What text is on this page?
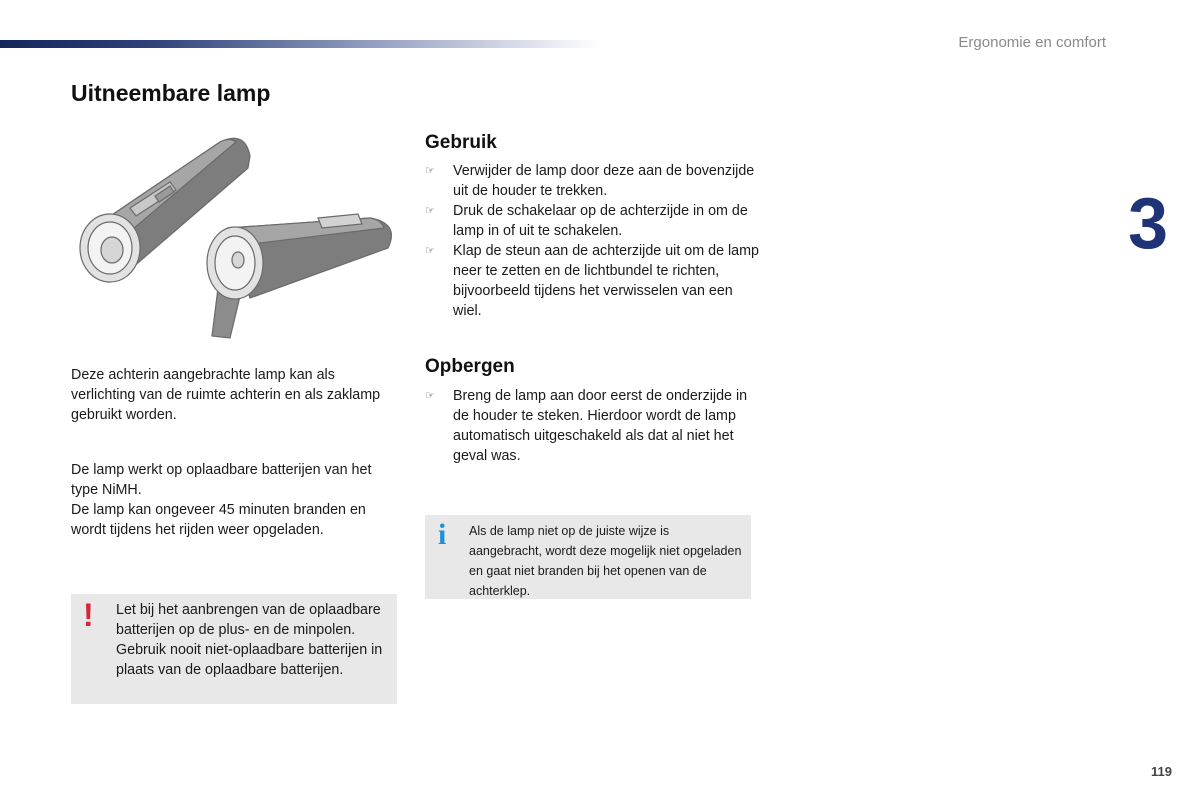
Ergonomie en comfort
3
Uitneembare lamp

Deze achterin aangebrachte lamp kan als verlichting van de ruimte achterin en als zaklamp gebruikt worden.

De lamp werkt op oplaadbare batterijen van het type NiMH.

De lamp kan ongeveer 45 minuten branden en wordt tijdens het rijden weer opgeladen.

! Let bij het aanbrengen van de oplaadbare batterijen op de plus- en de minpolen.

Gebruik nooit niet-oplaadbare batterijen in plaats van de oplaadbare batterijen.

Gebruik
☞ Verwijder de lamp door deze aan de bovenzijde uit de houder te trekken.
☞ Druk de schakelaar op de achterzijde in om de lamp in of uit te schakelen.
☞ Klap de steun aan de achterzijde uit om de lamp neer te zetten en de lichtbundel te richten, bijvoorbeeld tijdens het verwisselen van een wiel.
Opbergen
☞ Breng de lamp aan door eerst de onderzijde in de houder te steken. Hierdoor wordt de lamp automatisch uitgeschakeld als dat al niet het geval was.
i Als de lamp niet op de juiste wijze is aangebracht, wordt deze mogelijk niet opgeladen en gaat niet branden bij het openen van de achterklep.

119
